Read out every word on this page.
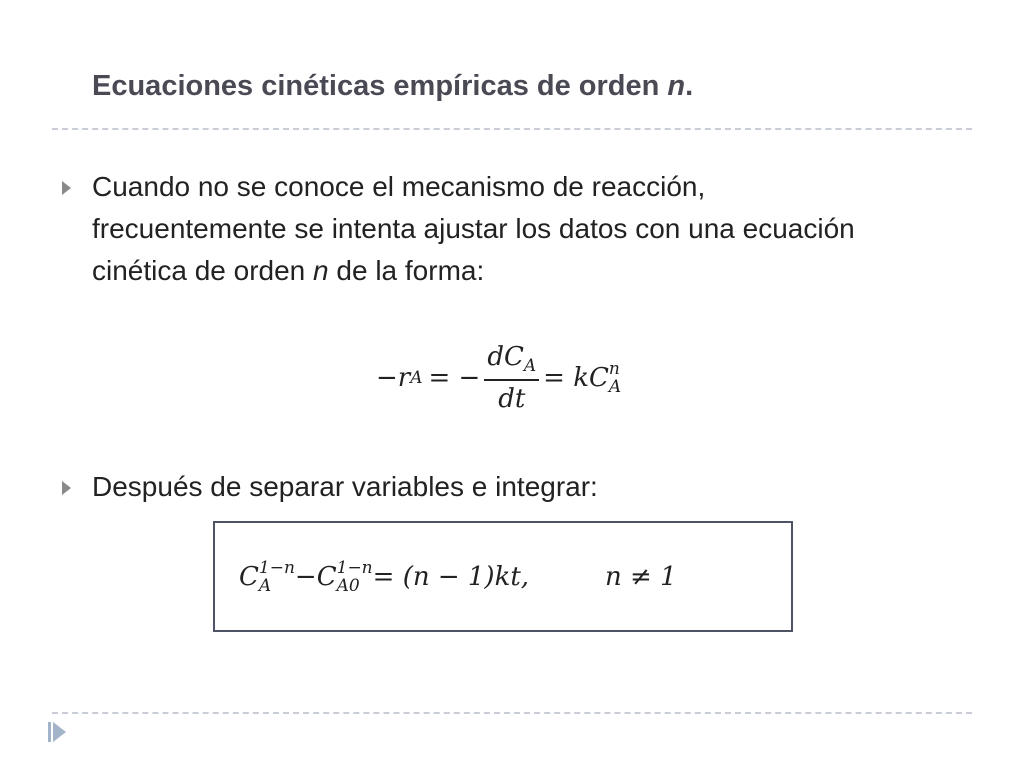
Ecuaciones cinéticas empíricas de orden n.
Cuando no se conoce el mecanismo de reacción,
frecuentemente se intenta ajustar los datos con una ecuación
cinética de orden n de la forma:
−r A = − $\frac{dC_A}{dt}$ = kC n
A
Después de separar variables e integrar:
C 1−n
A − C 1−n
A0 = (n − 1)kt,	n ≠ 1
